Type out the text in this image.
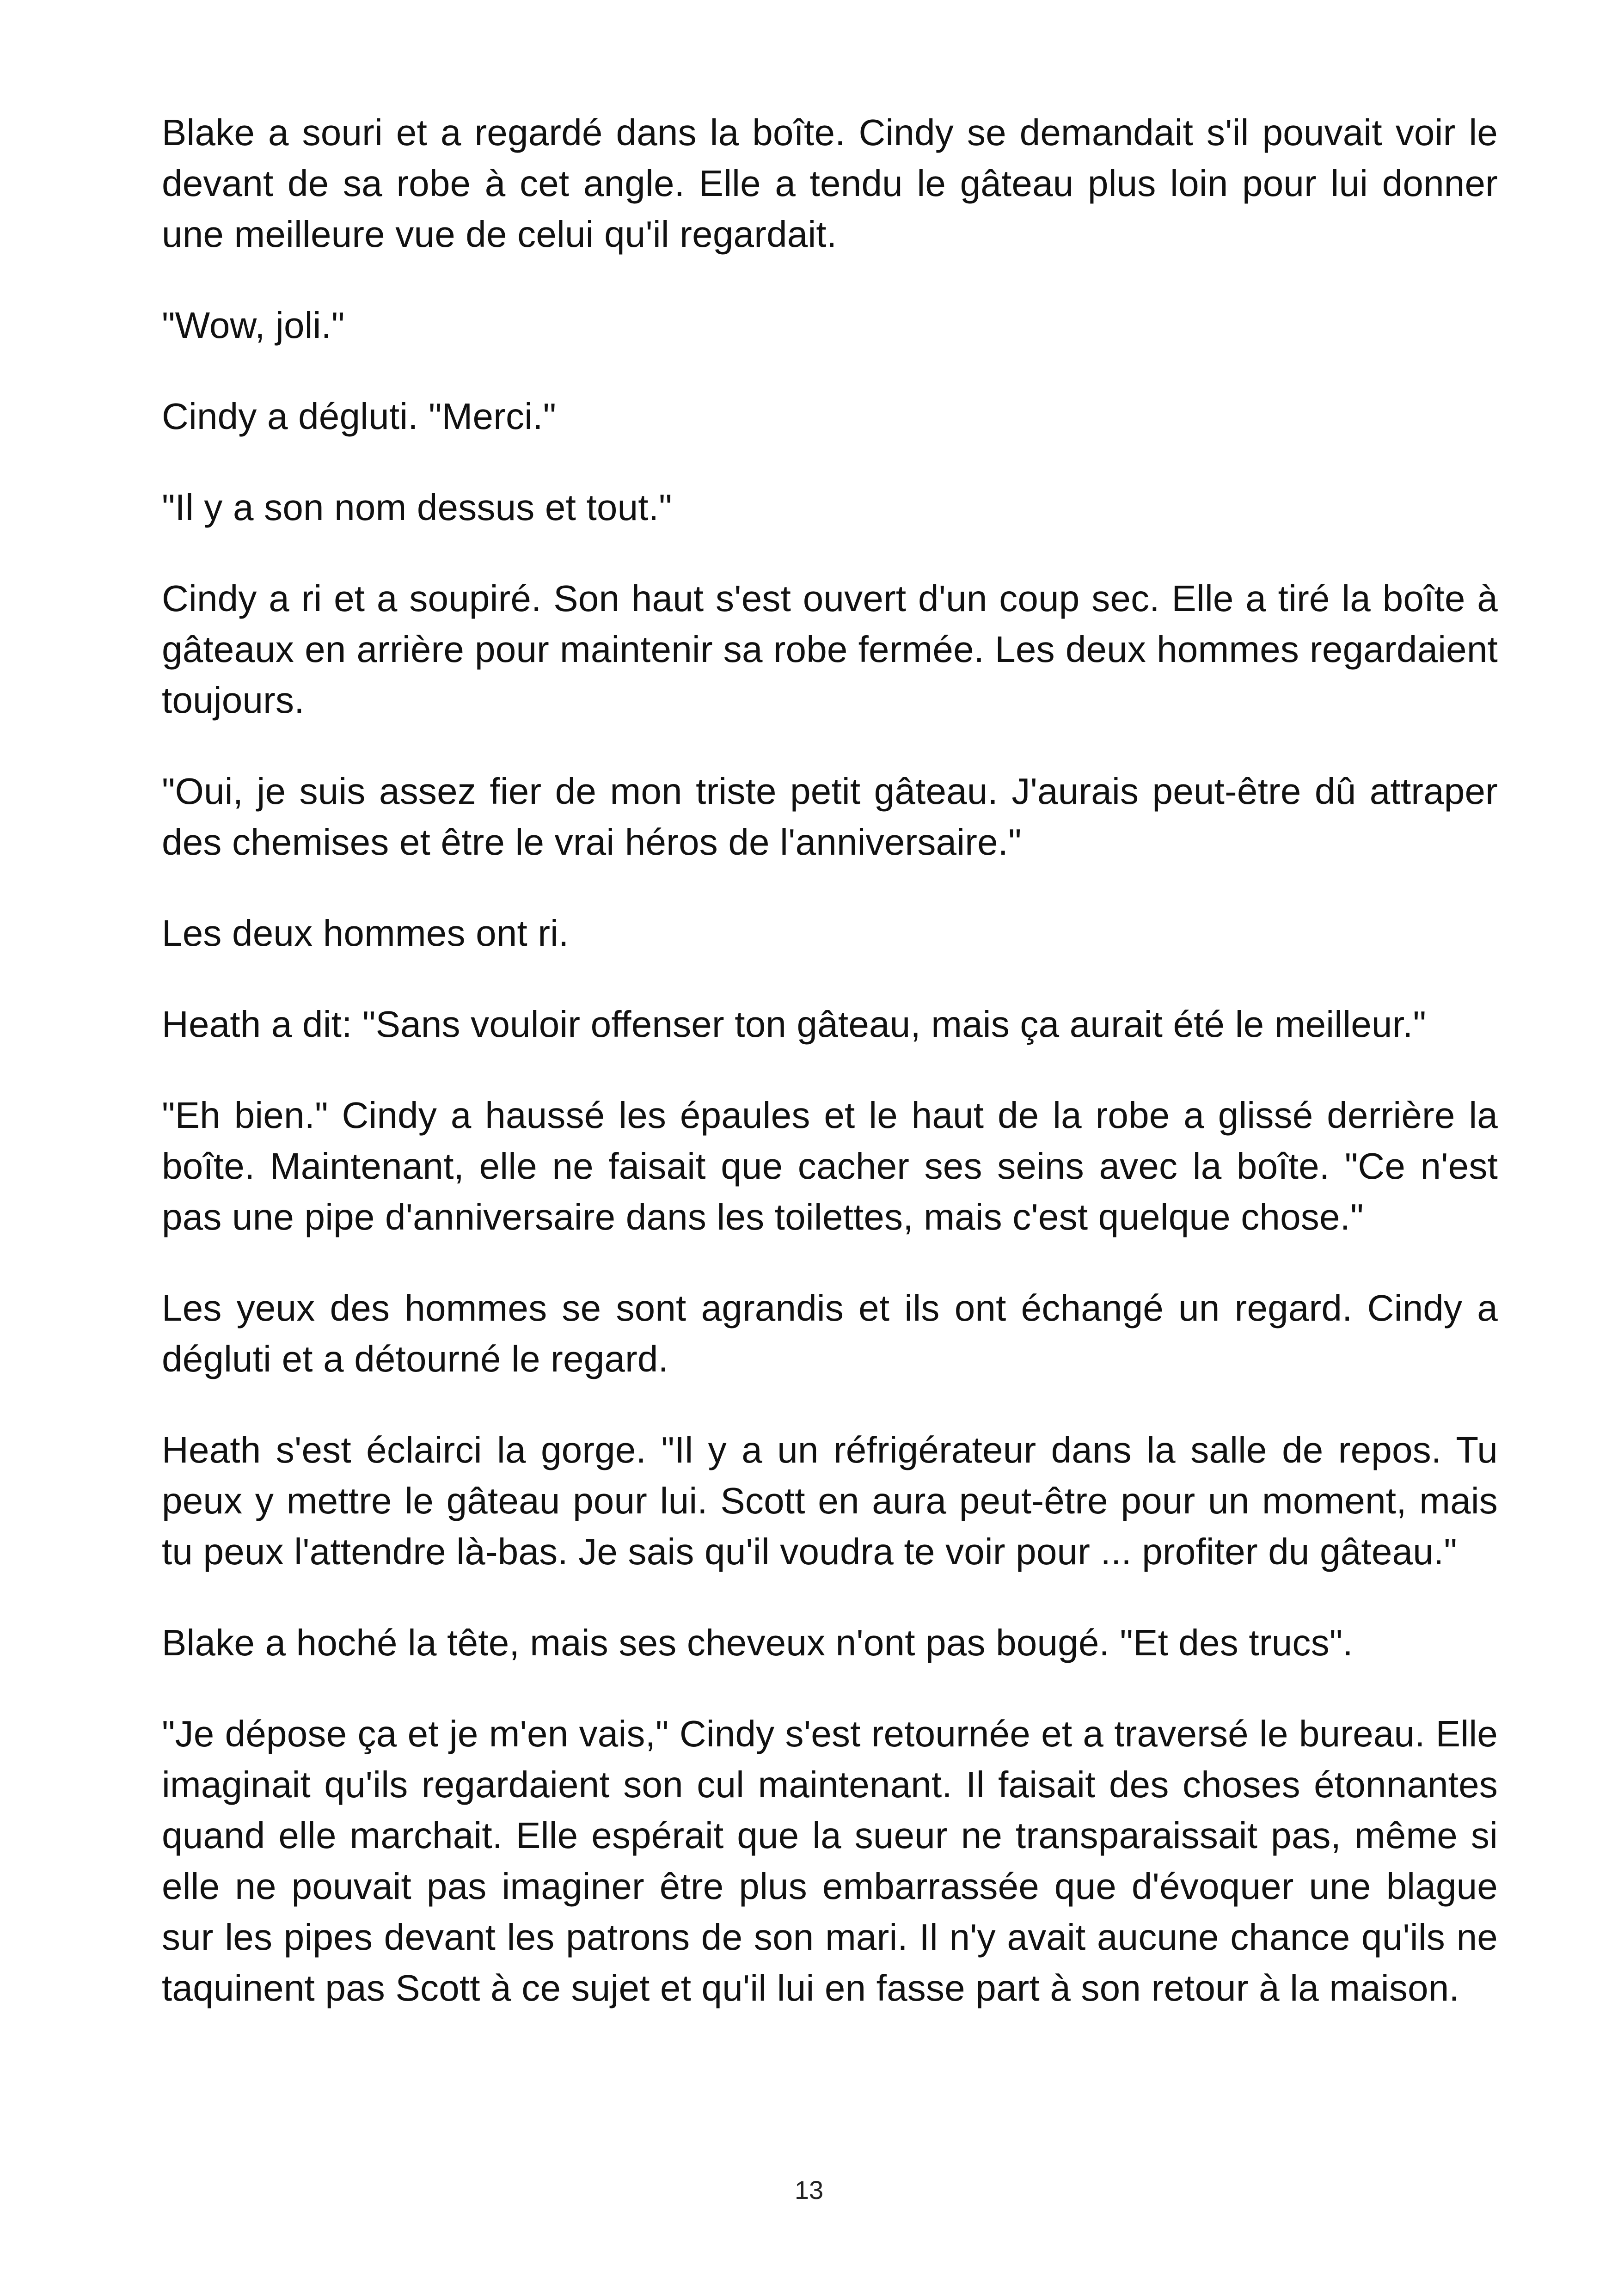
Blake a souri et a regardé dans la boîte. Cindy se demandait s'il pouvait voir le devant de sa robe à cet angle. Elle a tendu le gâteau plus loin pour lui donner une meilleure vue de celui qu'il regardait.

"Wow, joli."

Cindy a dégluti. "Merci."

"Il y a son nom dessus et tout."

Cindy a ri et a soupiré. Son haut s'est ouvert d'un coup sec. Elle a tiré la boîte à gâteaux en arrière pour maintenir sa robe fermée. Les deux hommes regardaient toujours.

"Oui, je suis assez fier de mon triste petit gâteau. J'aurais peut-être dû attraper des chemises et être le vrai héros de l'anniversaire."

Les deux hommes ont ri.

Heath a dit: "Sans vouloir offenser ton gâteau, mais ça aurait été le meilleur."

"Eh bien." Cindy a haussé les épaules et le haut de la robe a glissé derrière la boîte. Maintenant, elle ne faisait que cacher ses seins avec la boîte. "Ce n'est pas une pipe d'anniversaire dans les toilettes, mais c'est quelque chose."

Les yeux des hommes se sont agrandis et ils ont échangé un regard. Cindy a dégluti et a détourné le regard.

Heath s'est éclairci la gorge. "Il y a un réfrigérateur dans la salle de repos. Tu peux y mettre le gâteau pour lui. Scott en aura peut-être pour un moment, mais tu peux l'attendre là-bas. Je sais qu'il voudra te voir pour ... profiter du gâteau."

Blake a hoché la tête, mais ses cheveux n'ont pas bougé. "Et des trucs".

"Je dépose ça et je m'en vais," Cindy s'est retournée et a traversé le bureau. Elle imaginait qu'ils regardaient son cul maintenant. Il faisait des choses étonnantes quand elle marchait. Elle espérait que la sueur ne transparaissait pas, même si elle ne pouvait pas imaginer être plus embarrassée que d'évoquer une blague sur les pipes devant les patrons de son mari. Il n'y avait aucune chance qu'ils ne taquinent pas Scott à ce sujet et qu'il lui en fasse part à son retour à la maison.

13
